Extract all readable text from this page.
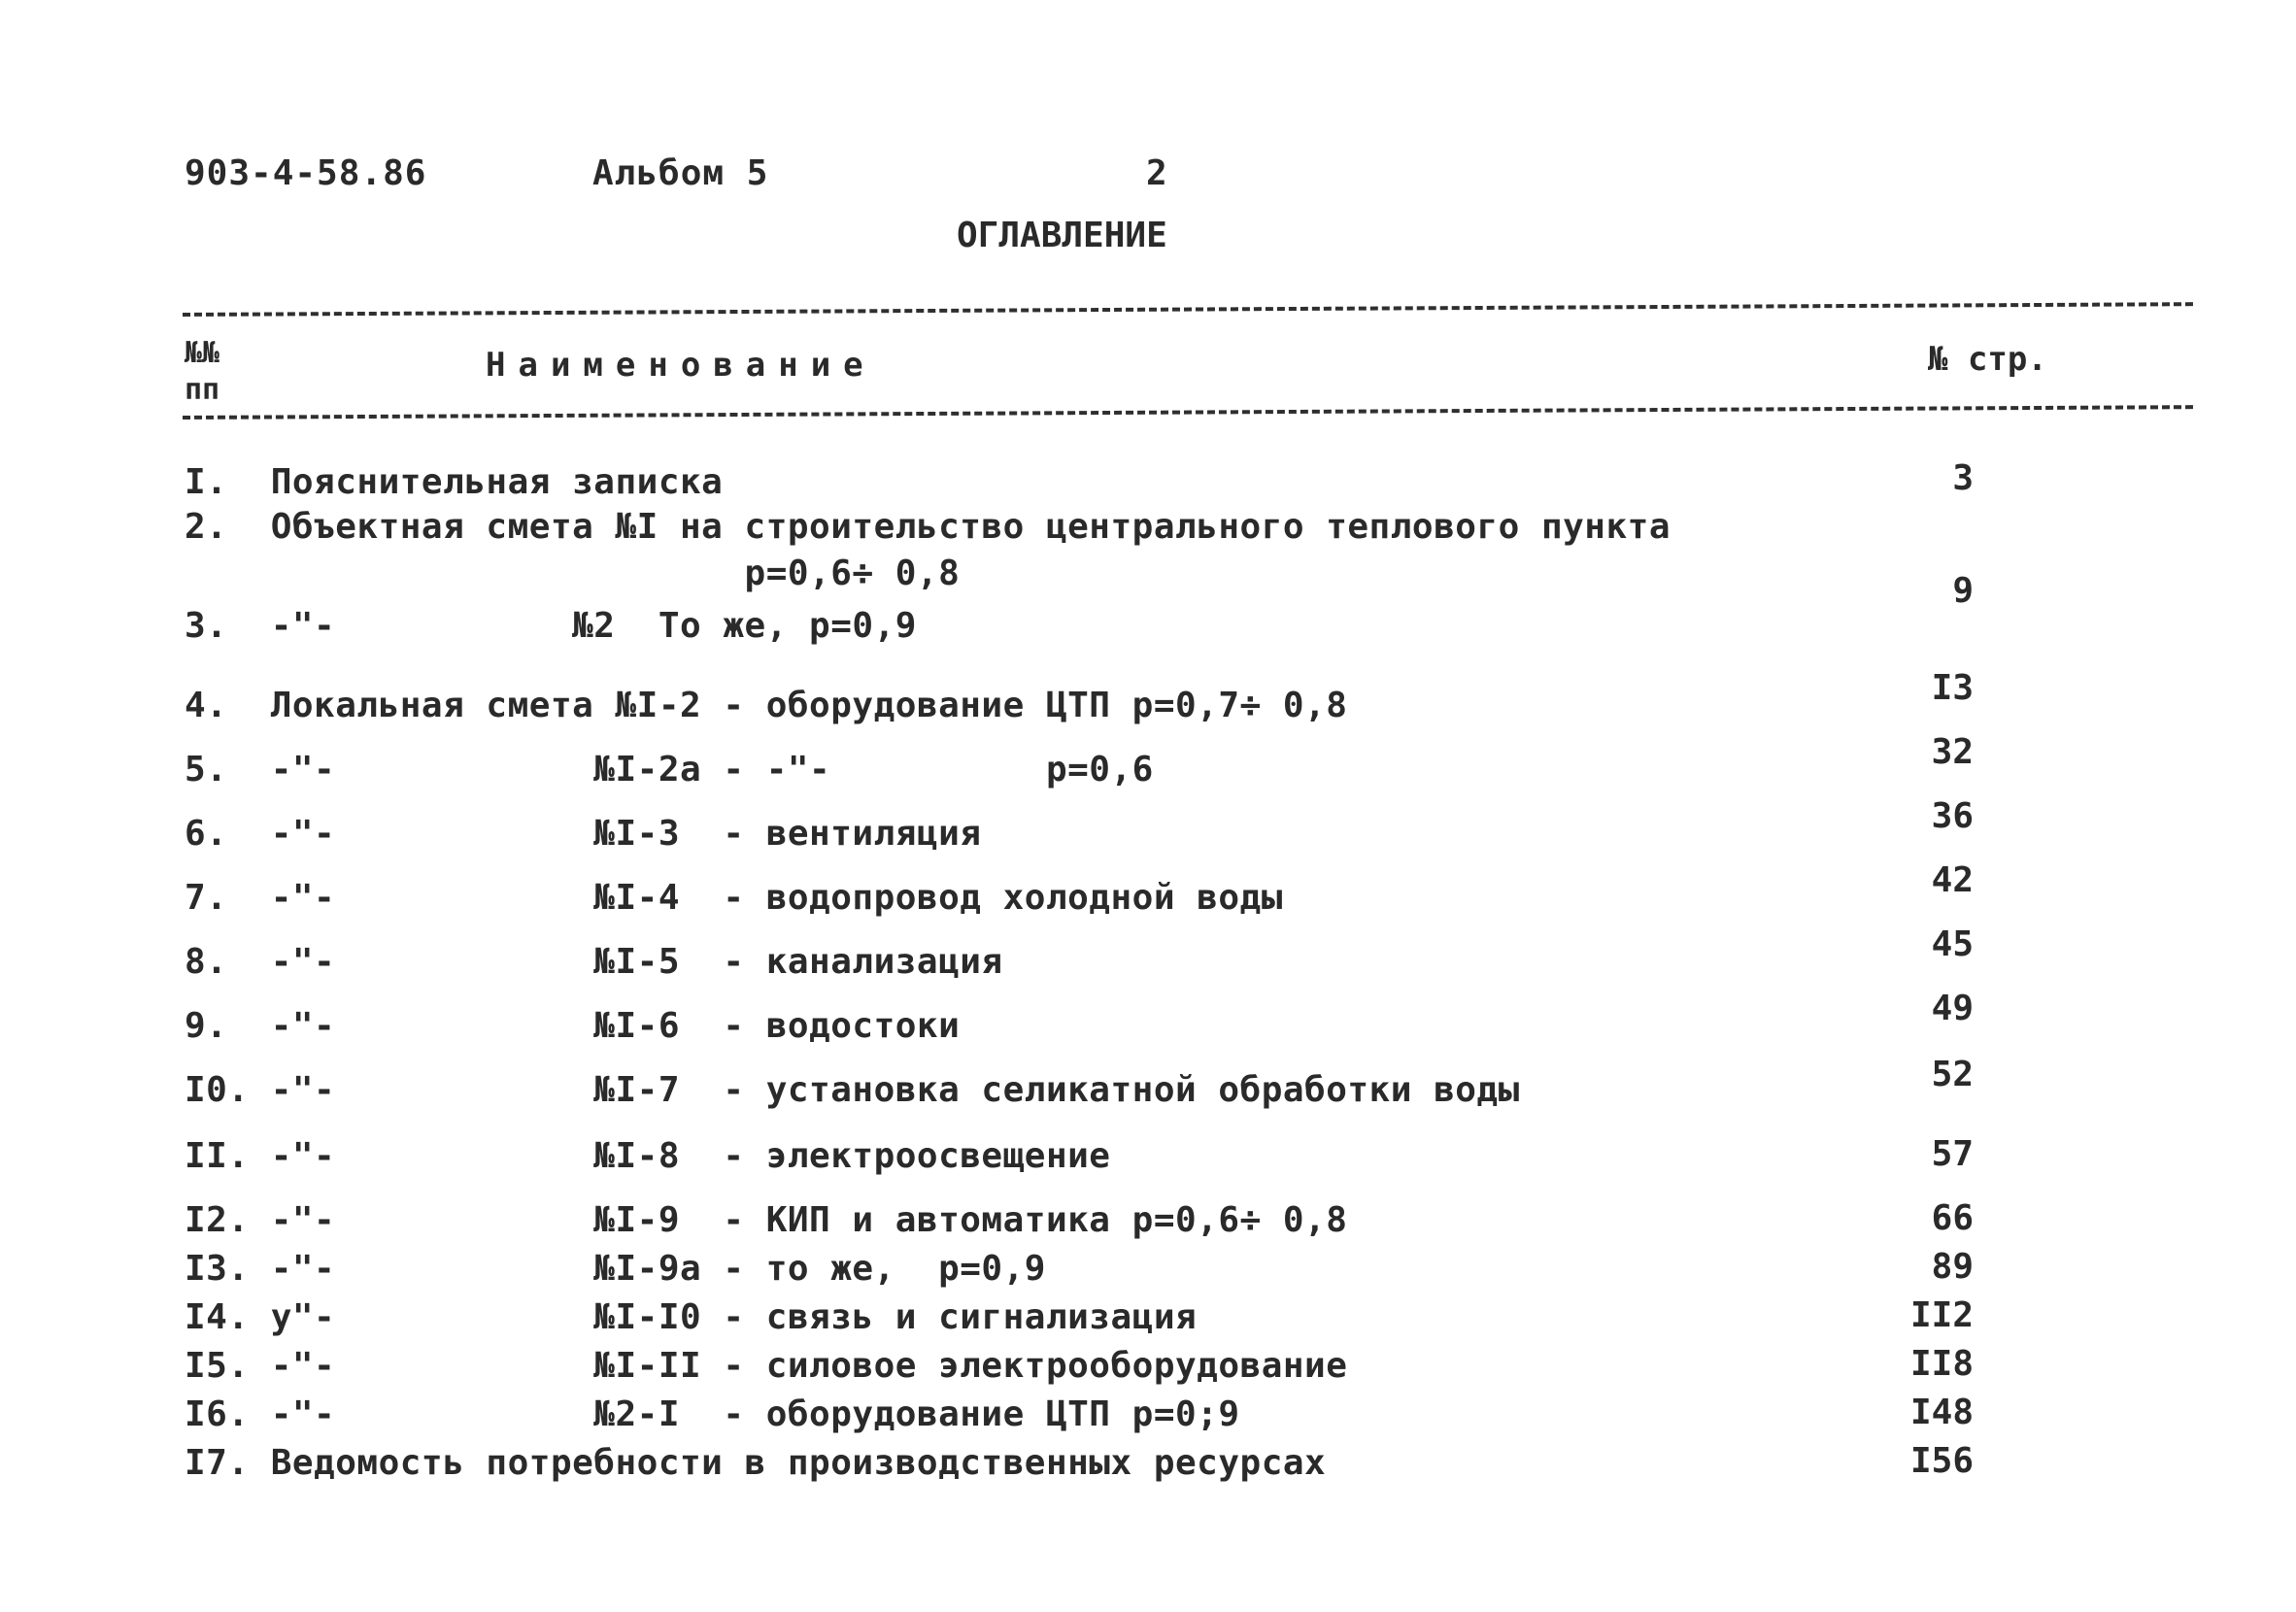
903-4-58.86	Альбом 5	2
ОГЛАВЛЕНИЕ
№№
пп
Наименование	№ стр.
I.  Пояснительная записка	3
2.  Объектная смета №I на строительство центрального теплового пункта
р=0,6÷ 0,8	9
3.  -"-           №2  То же, р=0,9
4.  Локальная смета №I-2 - оборудование ЦТП р=0,7÷ 0,8	I3
5.  -"-            №I-2а - -"-          р=0,6	32
6.  -"-            №I-3  - вентиляция	36
7.  -"-            №I-4  - водопровод холодной воды	42
8.  -"-            №I-5  - канализация	45
9.  -"-            №I-6  - водостоки	49
I0. -"-            №I-7  - установка селикатной обработки воды	52
II. -"-            №I-8  - электроосвещение	57
I2. -"-            №I-9  - КИП и автоматика р=0,6÷ 0,8	66
I3. -"-            №I-9а - то же,  р=0,9	89
I4. у"-            №I-I0 - связь и сигнализация	II2
I5. -"-            №I-II - силовое электрооборудование	II8
I6. -"-            №2-I  - оборудование ЦТП р=0;9	I48
I7. Ведомость потребности в производственных ресурсах	I56
